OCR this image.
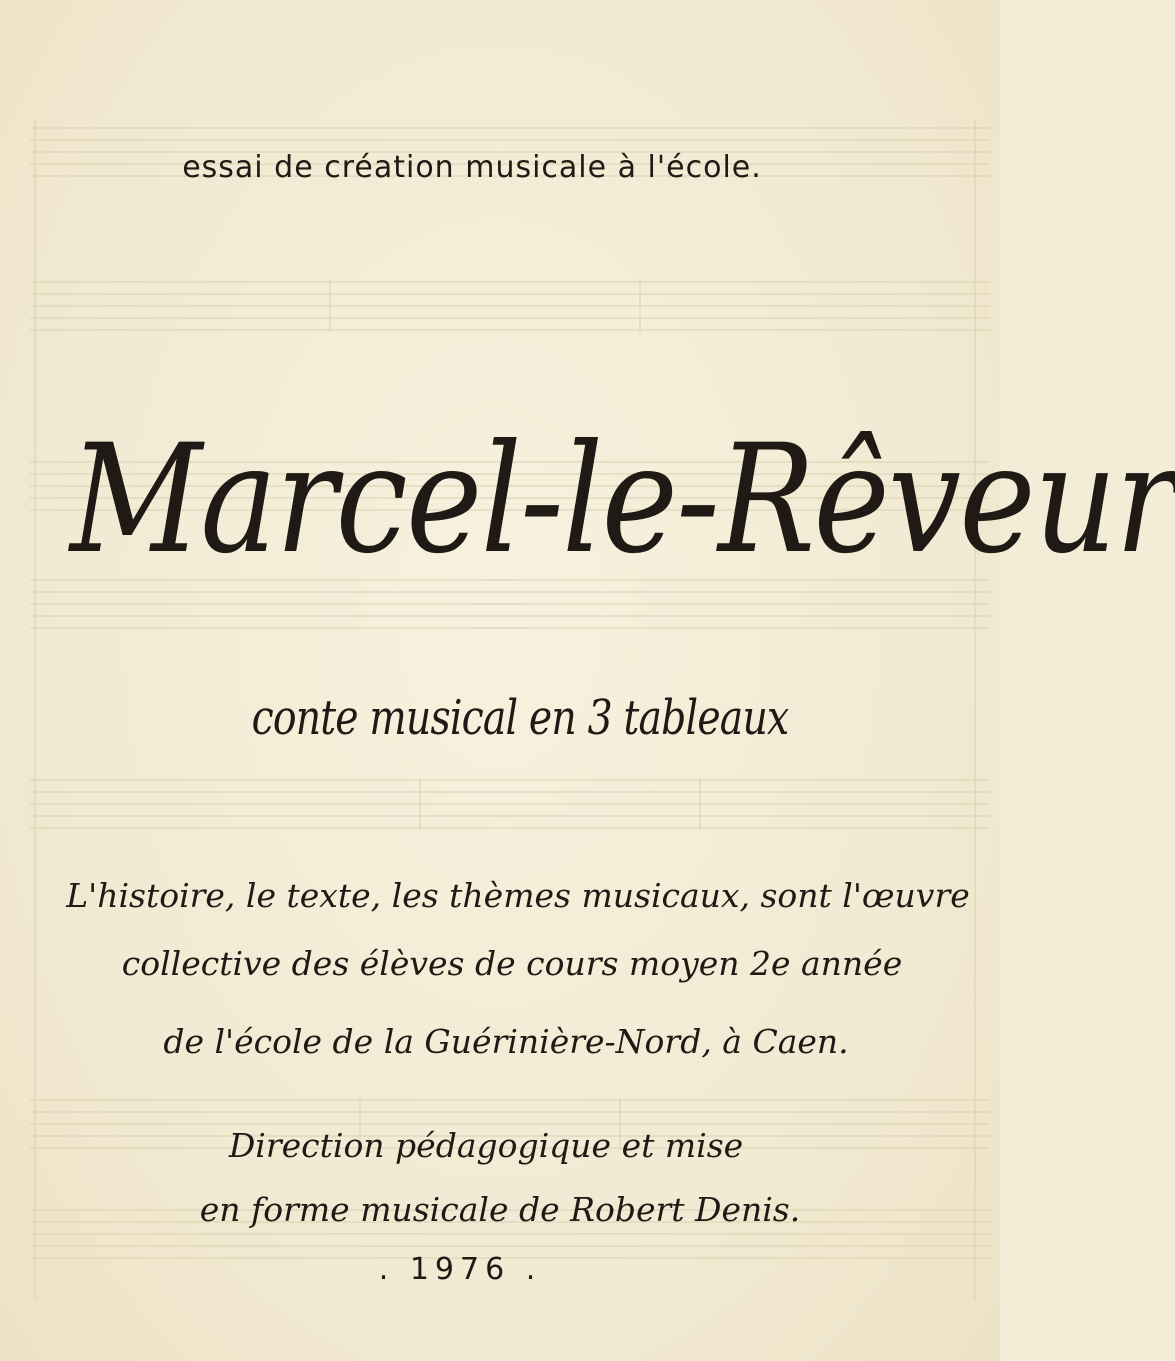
essai de création musicale à l'école.
Marcel-le-Rêveur
conte musical en 3 tableaux
L'histoire, le texte, les thèmes musicaux, sont l'œuvre
collective des élèves de cours moyen 2e année
de l'école de la Guérinière-Nord, à Caen.
Direction pédagogique et mise
en forme musicale de Robert Denis.
. 1976 .
